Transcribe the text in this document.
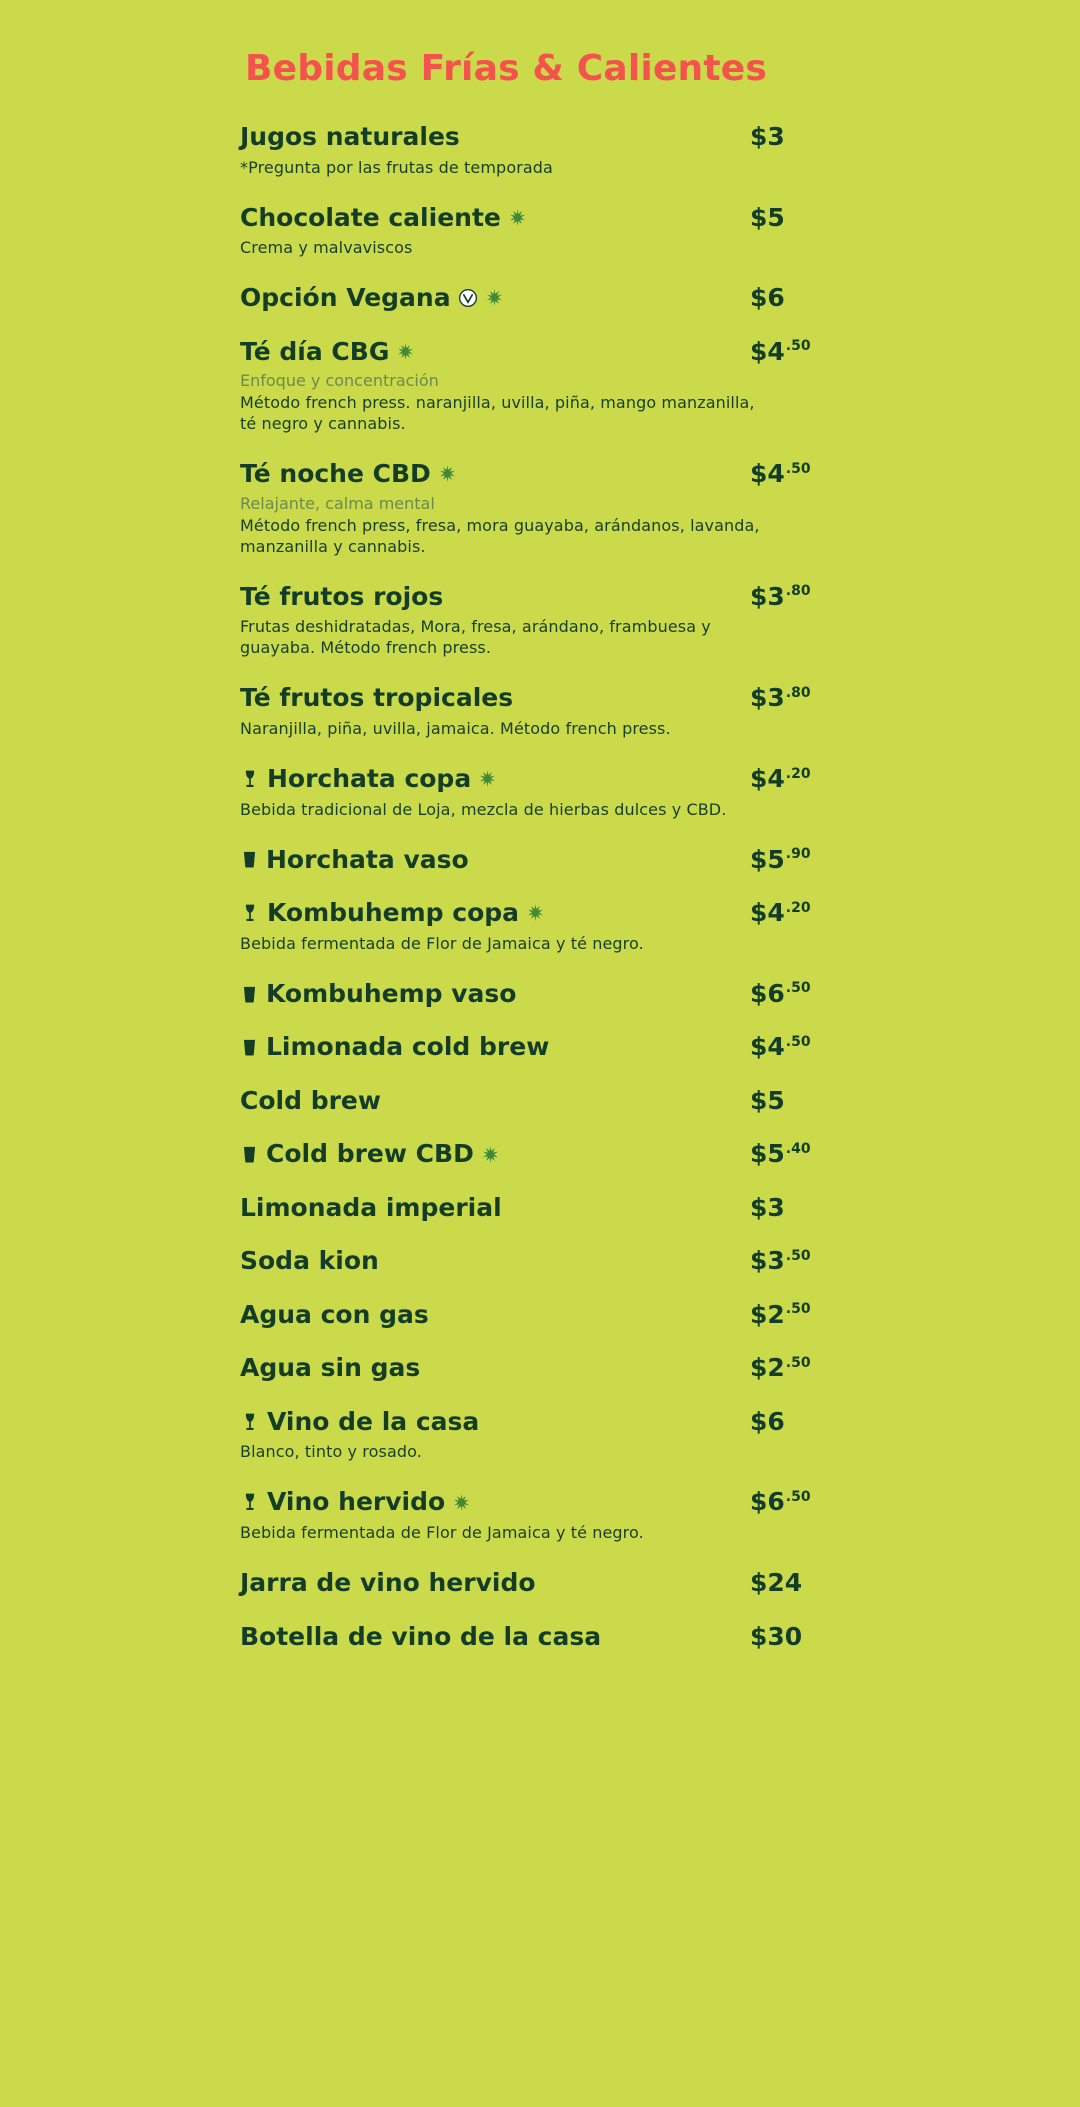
Bebidas Frías & Calientes
Jugos naturales	$3
*Pregunta por las frutas de temporada
Chocolate caliente	$5
Crema y malvaviscos
Opción Vegana	$6
Té día CBG	$\$4^{.50}$
Enfoque y concentración
Método french press. naranjilla, uvilla, piña, mango manzanilla, té negro y cannabis.
Té noche CBD	$\$4^{.50}$
Relajante, calma mental
Método french press, fresa, mora guayaba, arándanos, lavanda, manzanilla y cannabis.
Té frutos rojos	$\$3^{.80}$
Frutas deshidratadas, Mora, fresa, arándano, frambuesa y guayaba. Método french press.
Té frutos tropicales	$\$3^{.80}$
Naranjilla, piña, uvilla, jamaica. Método french press.
Horchata copa	$\$4^{.20}$
Bebida tradicional de Loja, mezcla de hierbas dulces y CBD.
Horchata vaso	$\$5^{.90}$
Kombuhemp copa	$\$4^{.20}$
Bebida fermentada de Flor de Jamaica y té negro.
Kombuhemp vaso	$\$6^{.50}$
Limonada cold brew	$\$4^{.50}$
Cold brew	$5
Cold brew CBD	$\$5^{.40}$
Limonada imperial	$3
Soda kion	$\$3^{.50}$
Agua con gas	$\$2^{.50}$
Agua sin gas	$\$2^{.50}$
Vino de la casa	$6
Blanco, tinto y rosado.
Vino hervido	$\$6^{.50}$
Bebida fermentada de Flor de Jamaica y té negro.
Jarra de vino hervido	$24
Botella de vino de la casa	$30
